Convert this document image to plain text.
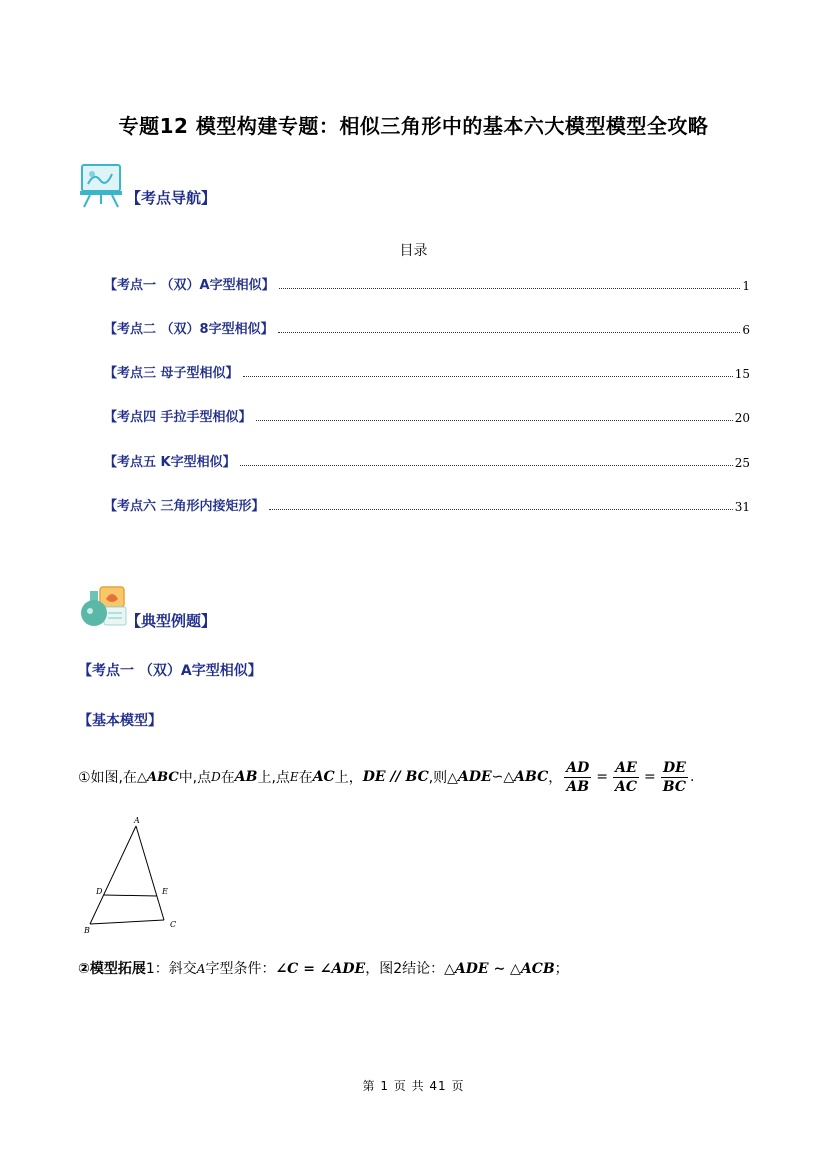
专题12 模型构建专题：相似三角形中的基本六大模型模型全攻略
【考点导航】
目录
【考点一 （双）A字型相似】	1
【考点二 （双）8字型相似】	6
【考点三 母子型相似】	15
【考点四 手拉手型相似】	20
【考点五 K字型相似】	25
【考点六 三角形内接矩形】	31
【典型例题】
【考点一 （双）A字型相似】
【基本模型】
①如图,在 △ABC 中,点 D 在 AB 上,点 E 在 AC 上， DE // BC ,则△ ADE ∽△ ABC ， $\frac{AD}{AB} = \frac{AE}{AC} = \frac{DE}{BC}$ .
A
D	E
B
C
②模型拓展1：斜交A字型条件：∠C = ∠ADE，图2结论：△ADE ∼ △ACB；
第 1 页 共 41 页
